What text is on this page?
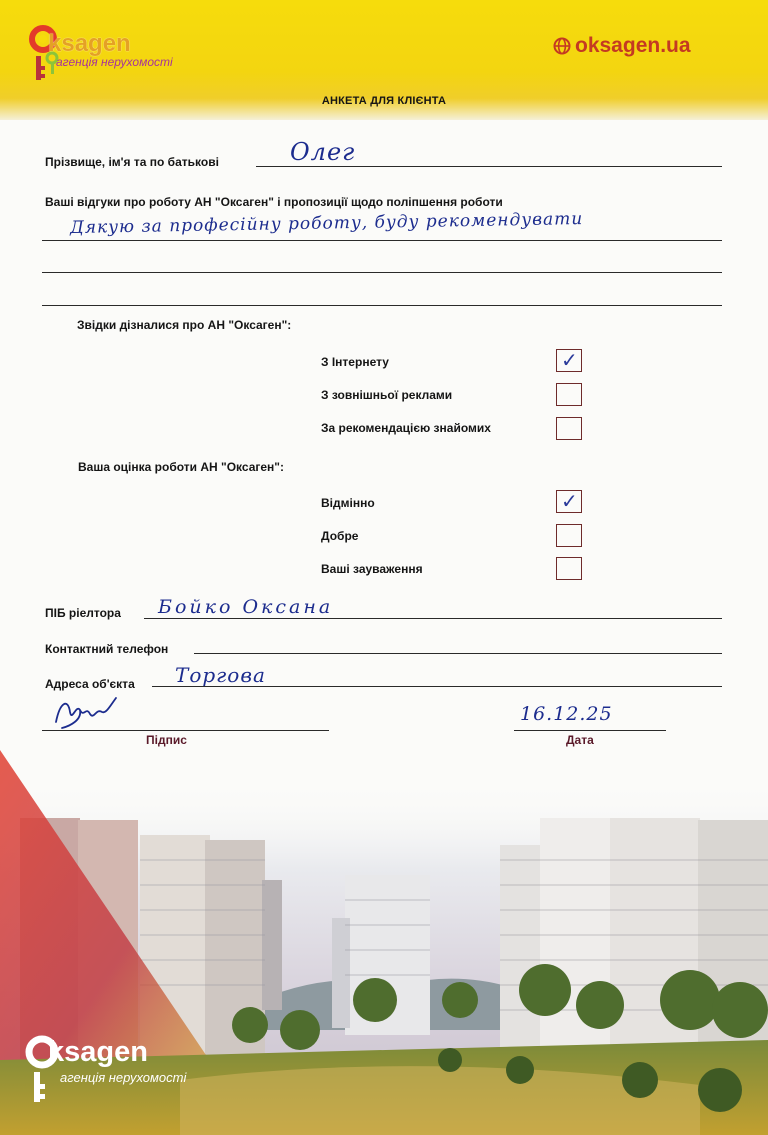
ksagen
агенція нерухомості
oksagen.ua
АНКЕТА ДЛЯ КЛІЄНТА
Прізвище, ім'я та по батькові	Олег
Ваші відгуки про роботу АН "Оксаген" і пропозиції щодо поліпшення роботи
Дякую за професійну роботу, буду рекомендувати
Звідки дізналися про АН "Оксаген":
З Інтернету	✓
З зовнішньої реклами
За рекомендацією знайомих
Ваша оцінка роботи АН "Оксаген":
Відмінно	✓
Добре
Ваші зауваження
ПІБ ріелтора Бойко Оксана
Контактний телефон
Адреса об'єкта Торгова
Підпис
16.12.25
Дата
ksagen
агенція нерухомості
